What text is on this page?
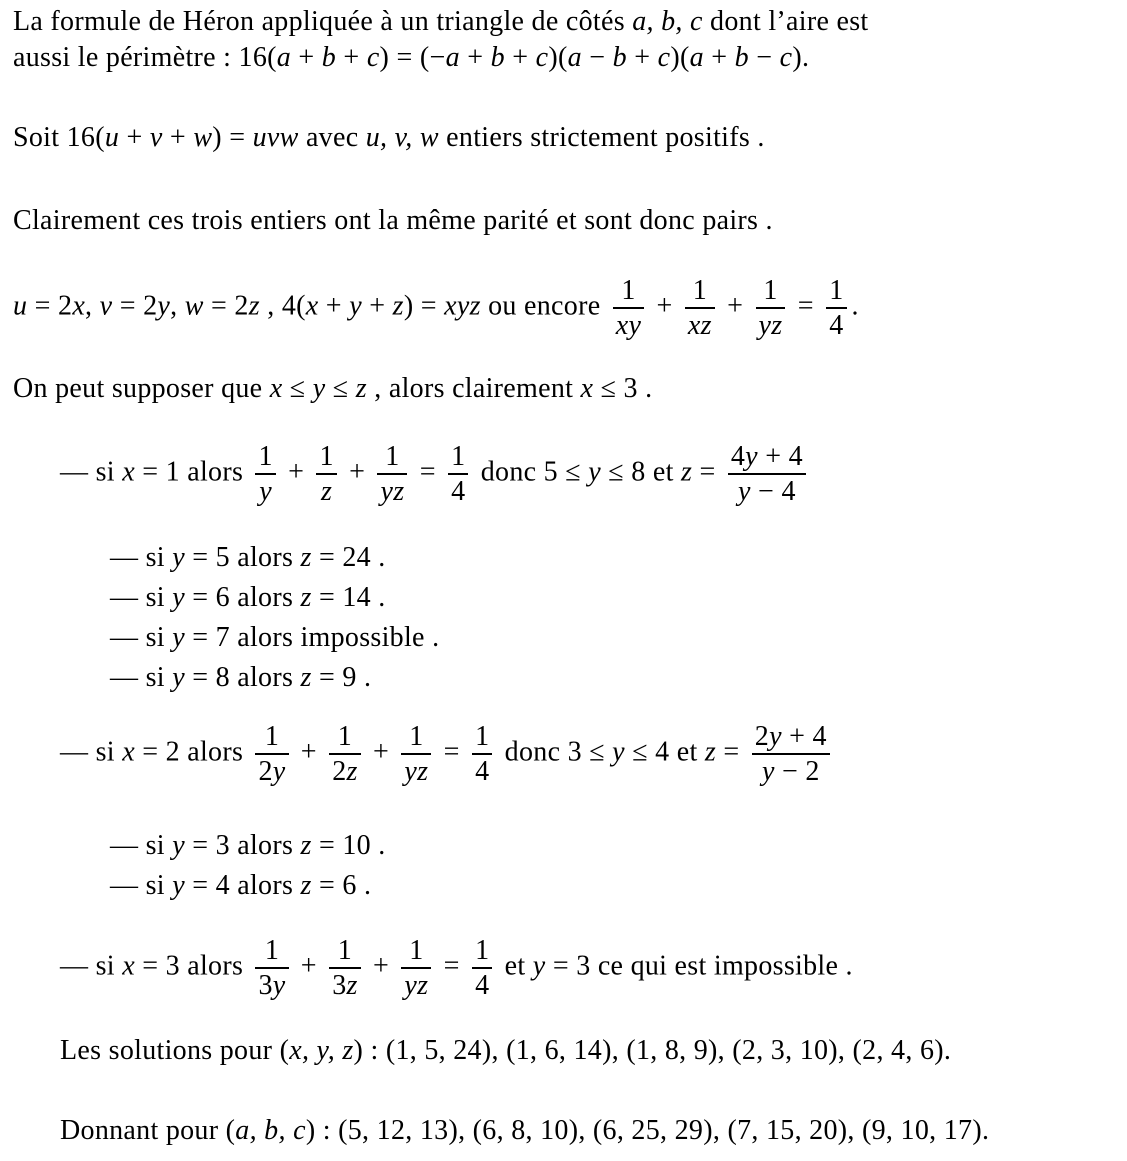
La formule de Héron appliquée à un triangle de côtés a, b, c dont l’aire est
aussi le périmètre : 16(a + b + c) = (−a + b + c)(a − b + c)(a + b − c).
Soit 16(u + v + w) = uvw avec u, v, w entiers strictement positifs .
Clairement ces trois entiers ont la même parité et sont donc pairs .
u = 2x, v = 2y, w = 2z , 4(x + y + z) = xyz ou encore $\frac{1}{xy} + \frac{1}{xz} + \frac{1}{yz} = \frac{1}{4}$ .
On peut supposer que x ≤ y ≤ z , alors clairement x ≤ 3 .
— si x = 1 alors $\frac{1}{y} + \frac{1}{z} + \frac{1}{yz} = \frac{1}{4}$ donc 5 ≤ y ≤ 8 et $z = \frac{4y + 4}{y - 4}$
— si y = 5 alors z = 24 .
— si y = 6 alors z = 14 .
— si y = 7 alors impossible .
— si y = 8 alors z = 9 .
— si x = 2 alors $\frac{1}{2y} + \frac{1}{2z} + \frac{1}{yz} = \frac{1}{4}$ donc 3 ≤ y ≤ 4 et $z = \frac{2y + 4}{y - 2}$
— si y = 3 alors z = 10 .
— si y = 4 alors z = 6 .
— si x = 3 alors $\frac{1}{3y} + \frac{1}{3z} + \frac{1}{yz} = \frac{1}{4}$ et y = 3 ce qui est impossible .
Les solutions pour (x, y, z) : (1, 5, 24), (1, 6, 14), (1, 8, 9), (2, 3, 10), (2, 4, 6).
Donnant pour (a, b, c) : (5, 12, 13), (6, 8, 10), (6, 25, 29), (7, 15, 20), (9, 10, 17).
